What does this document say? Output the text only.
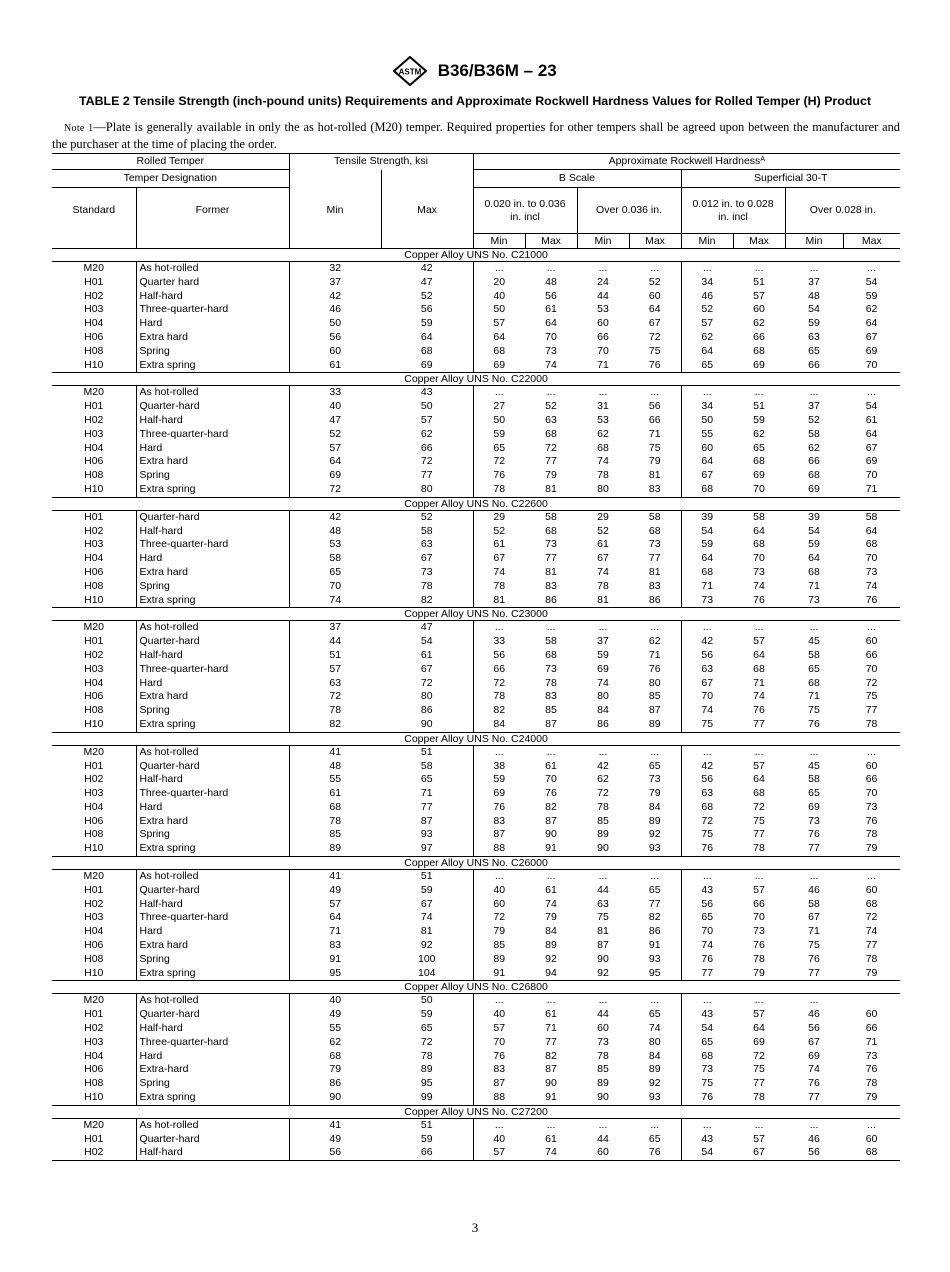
ASTM B36/B36M – 23
TABLE 2 Tensile Strength (inch-pound units) Requirements and Approximate Rockwell Hardness Values for Rolled Temper (H) Product
Note 1—Plate is generally available in only the as hot-rolled (M20) temper. Required properties for other tempers shall be agreed upon between the manufacturer and the purchaser at the time of placing the order.
Rolled Temper		Tensile Strength, ksi		Approximate Rockwell Hardness$^A$
Temper Designation				B Scale				Superficial 30-T			
Standard	Former	Min	Max	0.020 in. to 0.036 in. incl		Over 0.036 in.		0.012 in. to 0.028 in. incl		Over 0.028 in.	
				Min	Max	Min	Max	Min	Max	Min	Max
Copper Alloy UNS No. C21000											
M20	As hot-rolled	32	42	...	...	...	...	...	...	...	...
H01	Quarter hard	37	47	20	48	24	52	34	51	37	54
H02	Half-hard	42	52	40	56	44	60	46	57	48	59
H03	Three-quarter-hard	46	56	50	61	53	64	52	60	54	62
H04	Hard	50	59	57	64	60	67	57	62	59	64
H06	Extra hard	56	64	64	70	66	72	62	66	63	67
H08	Spring	60	68	68	73	70	75	64	68	65	69
H10	Extra spring	61	69	69	74	71	76	65	69	66	70
Copper Alloy UNS No. C22000											
M20	As hot-rolled	33	43	...	...	...	...	...	...	...	...
H01	Quarter-hard	40	50	27	52	31	56	34	51	37	54
H02	Half-hard	47	57	50	63	53	66	50	59	52	61
H03	Three-quarter-hard	52	62	59	68	62	71	55	62	58	64
H04	Hard	57	66	65	72	68	75	60	65	62	67
H06	Extra hard	64	72	72	77	74	79	64	68	66	69
H08	Spring	69	77	76	79	78	81	67	69	68	70
H10	Extra spring	72	80	78	81	80	83	68	70	69	71
Copper Alloy UNS No. C22600											
H01	Quarter-hard	42	52	29	58	29	58	39	58	39	58
H02	Half-hard	48	58	52	68	52	68	54	64	54	64
H03	Three-quarter-hard	53	63	61	73	61	73	59	68	59	68
H04	Hard	58	67	67	77	67	77	64	70	64	70
H06	Extra hard	65	73	74	81	74	81	68	73	68	73
H08	Spring	70	78	78	83	78	83	71	74	71	74
H10	Extra spring	74	82	81	86	81	86	73	76	73	76
Copper Alloy UNS No. C23000											
M20	As hot-rolled	37	47	...	...	...	...	...	...	...	...
H01	Quarter-hard	44	54	33	58	37	62	42	57	45	60
H02	Half-hard	51	61	56	68	59	71	56	64	58	66
H03	Three-quarter-hard	57	67	66	73	69	76	63	68	65	70
H04	Hard	63	72	72	78	74	80	67	71	68	72
H06	Extra hard	72	80	78	83	80	85	70	74	71	75
H08	Spring	78	86	82	85	84	87	74	76	75	77
H10	Extra spring	82	90	84	87	86	89	75	77	76	78
Copper Alloy UNS No. C24000											
M20	As hot-rolled	41	51	...	...	...	...	...	...	...	...
H01	Quarter-hard	48	58	38	61	42	65	42	57	45	60
H02	Half-hard	55	65	59	70	62	73	56	64	58	66
H03	Three-quarter-hard	61	71	69	76	72	79	63	68	65	70
H04	Hard	68	77	76	82	78	84	68	72	69	73
H06	Extra hard	78	87	83	87	85	89	72	75	73	76
H08	Spring	85	93	87	90	89	92	75	77	76	78
H10	Extra spring	89	97	88	91	90	93	76	78	77	79
Copper Alloy UNS No. C26000											
M20	As hot-rolled	41	51	...	...	...	...	...	...	...	...
H01	Quarter-hard	49	59	40	61	44	65	43	57	46	60
H02	Half-hard	57	67	60	74	63	77	56	66	58	68
H03	Three-quarter-hard	64	74	72	79	75	82	65	70	67	72
H04	Hard	71	81	79	84	81	86	70	73	71	74
H06	Extra hard	83	92	85	89	87	91	74	76	75	77
H08	Spring	91	100	89	92	90	93	76	78	76	78
H10	Extra spring	95	104	91	94	92	95	77	79	77	79
Copper Alloy UNS No. C26800											
M20	As hot-rolled	40	50	...	...	...	...	...	...	...	
H01	Quarter-hard	49	59	40	61	44	65	43	57	46	60
H02	Half-hard	55	65	57	71	60	74	54	64	56	66
H03	Three-quarter-hard	62	72	70	77	73	80	65	69	67	71
H04	Hard	68	78	76	82	78	84	68	72	69	73
H06	Extra-hard	79	89	83	87	85	89	73	75	74	76
H08	Spring	86	95	87	90	89	92	75	77	76	78
H10	Extra spring	90	99	88	91	90	93	76	78	77	79
Copper Alloy UNS No. C27200											
M20	As hot-rolled	41	51	...	...	...	...	...	...	...	...
H01	Quarter-hard	49	59	40	61	44	65	43	57	46	60
H02	Half-hard	56	66	57	74	60	76	54	67	56	68
3
